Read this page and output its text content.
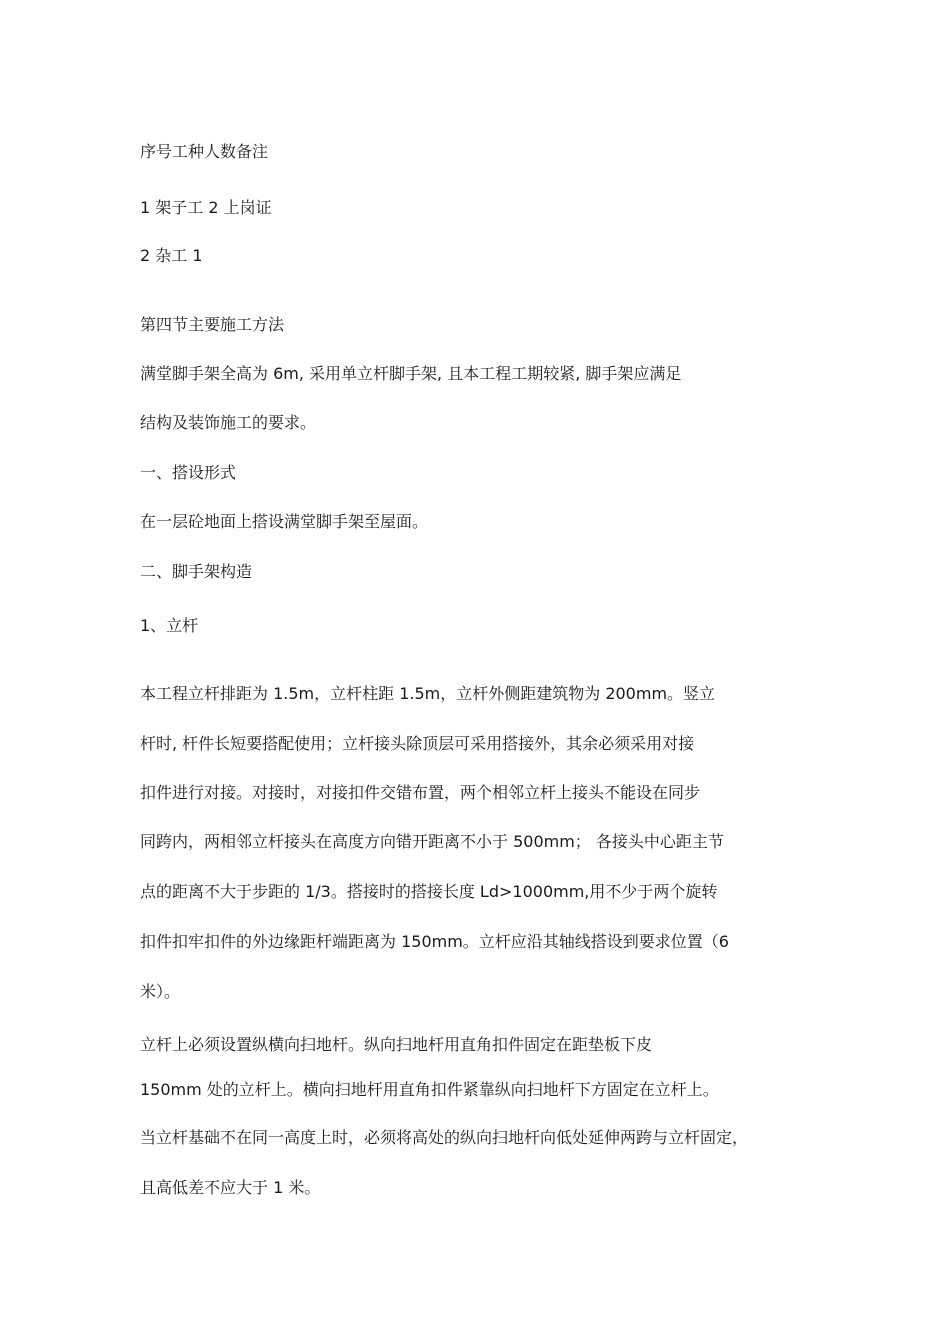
序号工种人数备注

1 架子工 2 上岗证

2 杂工 1

第四节主要施工方法

满堂脚手架全高为 6m, 采用单立杆脚手架, 且本工程工期较紧, 脚手架应满足

结构及装饰施工的要求。

一、搭设形式

在一层砼地面上搭设满堂脚手架至屋面。

二、脚手架构造

1、立杆

本工程立杆排距为 1.5m，立杆柱距 1.5m，立杆外侧距建筑物为 200mm。竖立

杆时, 杆件长短要搭配使用；立杆接头除顶层可采用搭接外，其余必须采用对接

扣件进行对接。对接时，对接扣件交错布置，两个相邻立杆上接头不能设在同步

同跨内，两相邻立杆接头在高度方向错开距离不小于 500mm； 各接头中心距主节

点的距离不大于步距的 1/3。搭接时的搭接长度 Ld>1000mm,用不少于两个旋转

扣件扣牢扣件的外边缘距杆端距离为 150mm。立杆应沿其轴线搭设到要求位置（6

米）。

立杆上必须设置纵横向扫地杆。纵向扫地杆用直角扣件固定在距垫板下皮

150mm 处的立杆上。横向扫地杆用直角扣件紧靠纵向扫地杆下方固定在立杆上。

当立杆基础不在同一高度上时，必须将高处的纵向扫地杆向低处延伸两跨与立杆固定，

且高低差不应大于 1 米。
